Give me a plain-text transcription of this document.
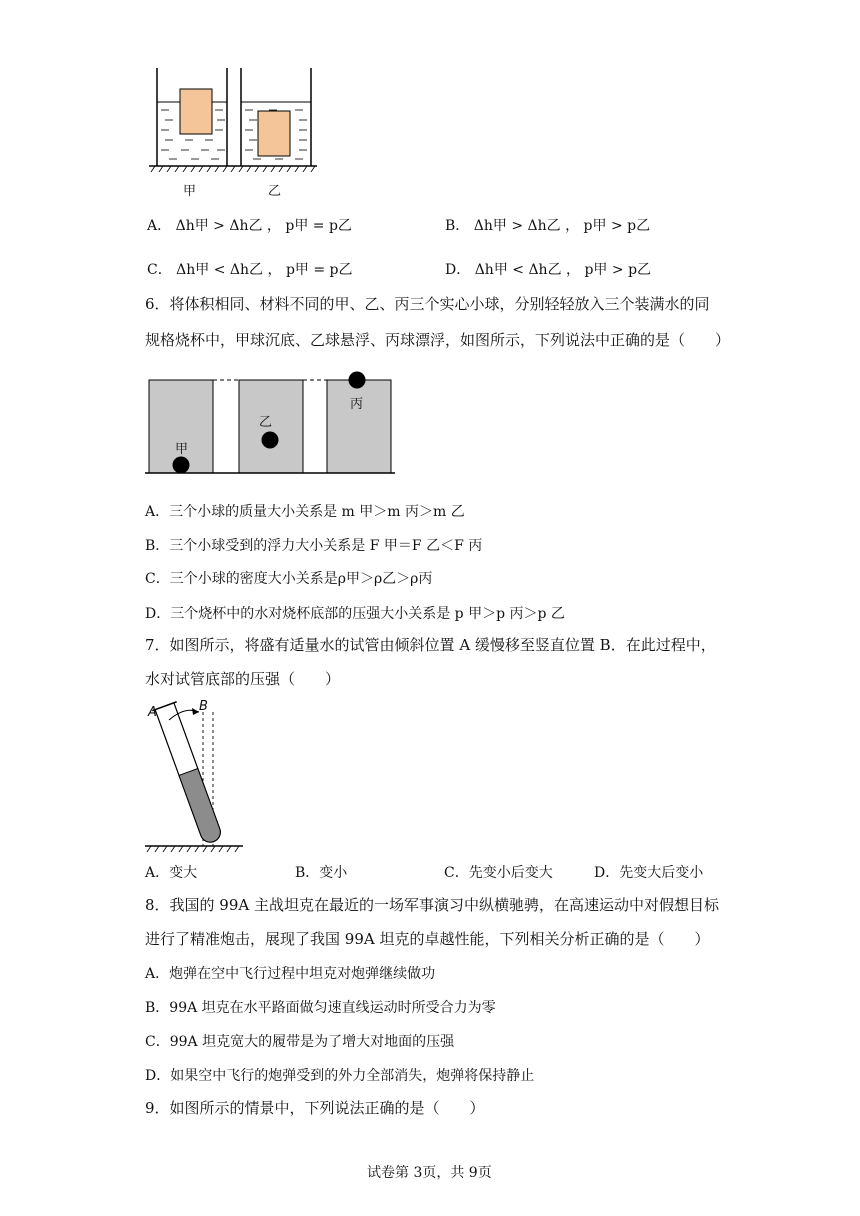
甲	乙
A． Δh甲 > Δh乙 ， p甲 = p乙	B． Δh甲 > Δh乙 ， p甲 > p乙
C． Δh甲 < Δh乙 ， p甲 = p乙	D． Δh甲 < Δh乙 ， p甲 > p乙
6．将体积相同、材料不同的甲、乙、丙三个实心小球，分别轻轻放入三个装满水的同
规格烧杯中，甲球沉底、乙球悬浮、丙球漂浮，如图所示，下列说法中正确的是（　　）
甲
乙
丙
A．三个小球的质量大小关系是 m 甲＞m 丙＞m 乙
B．三个小球受到的浮力大小关系是 F 甲＝F 乙＜F 丙
C．三个小球的密度大小关系是ρ甲＞ρ乙＞ρ丙
D．三个烧杯中的水对烧杯底部的压强大小关系是 p 甲＞p 丙＞p 乙
7．如图所示，将盛有适量水的试管由倾斜位置 A 缓慢移至竖直位置 B．在此过程中，
水对试管底部的压强（　　）
A	B
A．变大	B．变小	C．先变小后变大	D．先变大后变小
8．我国的 99A 主战坦克在最近的一场军事演习中纵横驰骋，在高速运动中对假想目标
进行了精准炮击，展现了我国 99A 坦克的卓越性能，下列相关分析正确的是（　　）
A．炮弹在空中飞行过程中坦克对炮弹继续做功
B．99A 坦克在水平路面做匀速直线运动时所受合力为零
C．99A 坦克宽大的履带是为了增大对地面的压强
D．如果空中飞行的炮弹受到的外力全部消失，炮弹将保持静止
9．如图所示的情景中，下列说法正确的是（　　）
试卷第 3页，共 9页
